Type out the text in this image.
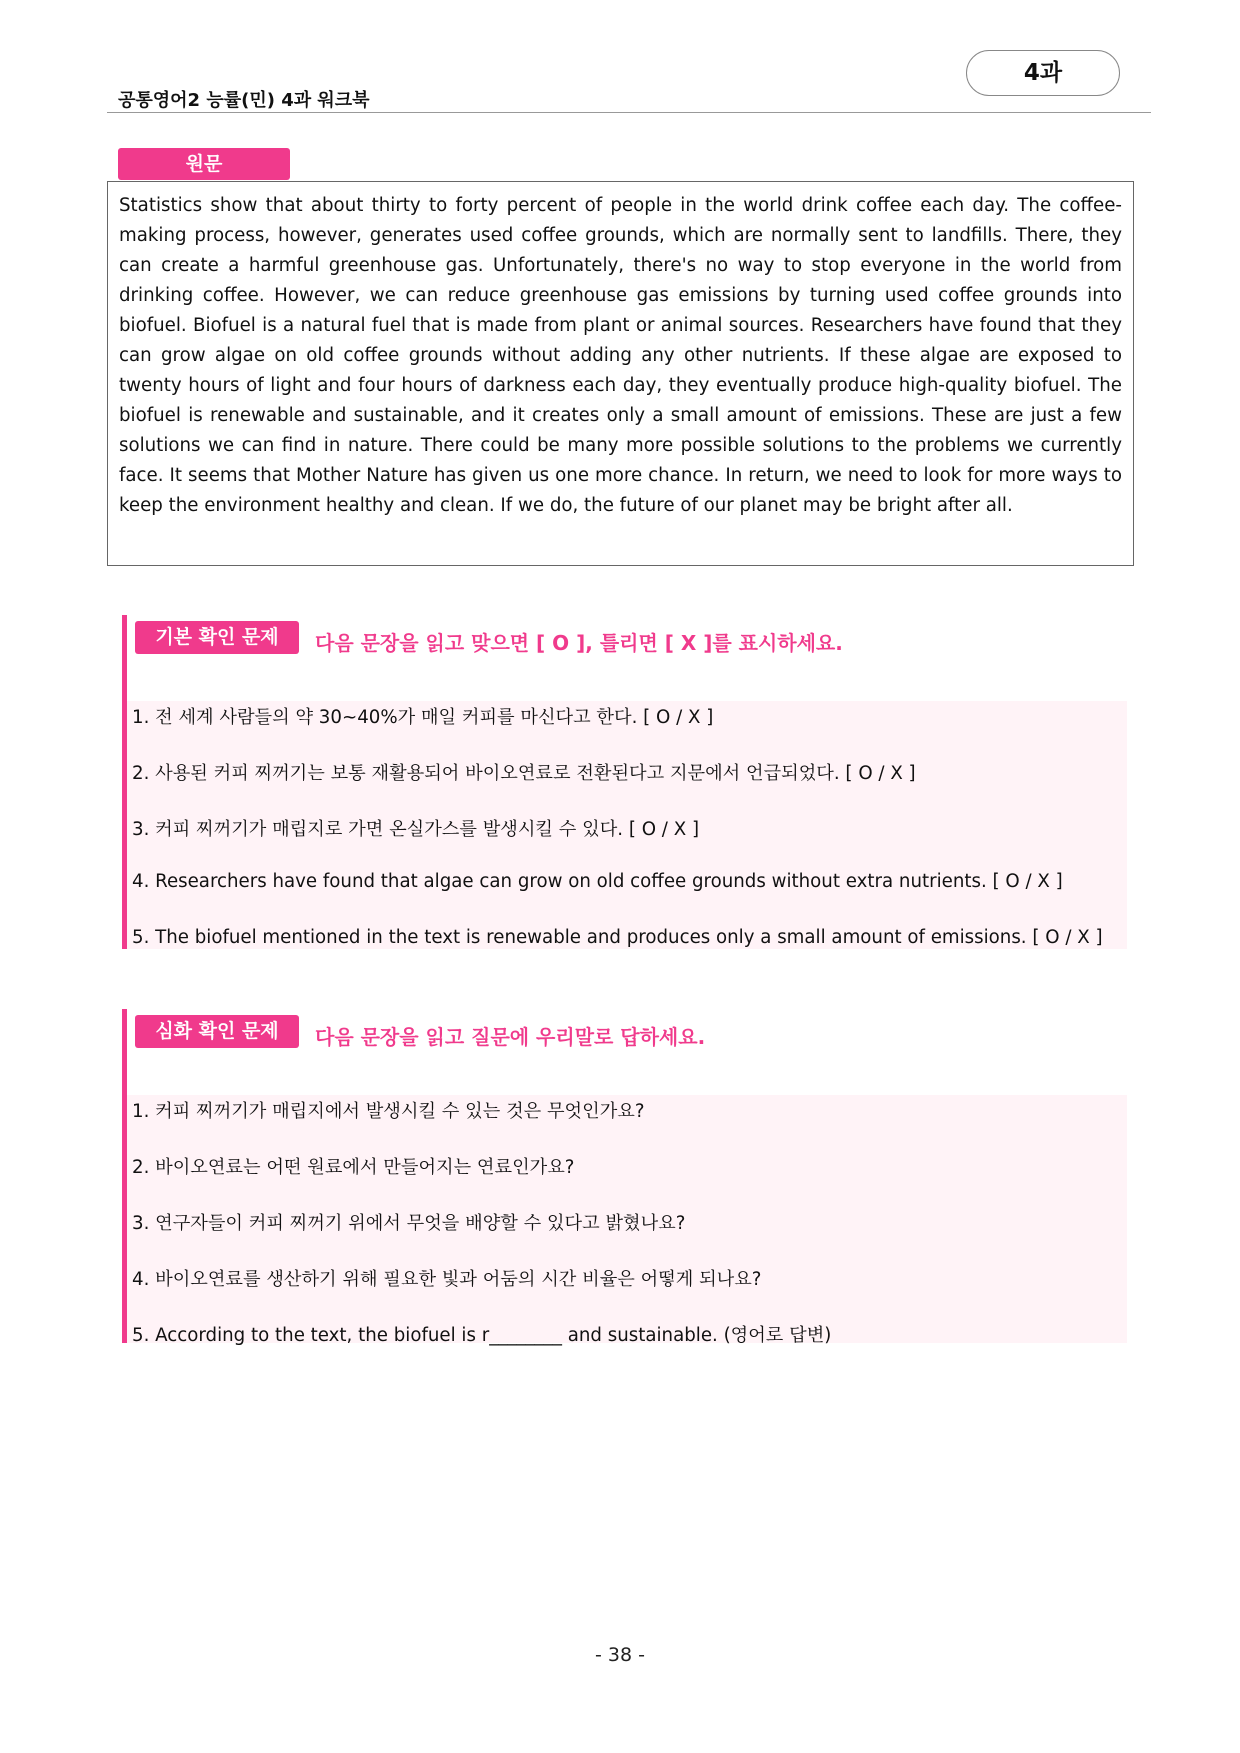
공통영어2 능률(민) 4과 워크북
4과
원문

Statistics show that about thirty to forty percent of people in the world drink coffee each day. The coffee-making process, however, generates used coffee grounds, which are normally sent to landfills. There, they can create a harmful greenhouse gas. Unfortunately, there's no way to stop everyone in the world from drinking coffee. However, we can reduce greenhouse gas emissions by turning used coffee grounds into biofuel. Biofuel is a natural fuel that is made from plant or animal sources. Researchers have found that they can grow algae on old coffee grounds without adding any other nutrients. If these algae are exposed to twenty hours of light and four hours of darkness each day, they eventually produce high-quality biofuel. The biofuel is renewable and sustainable, and it creates only a small amount of emissions. These are just a few solutions we can find in nature. There could be many more possible solutions to the problems we currently face. It seems that Mother Nature has given us one more chance. In return, we need to look for more ways to keep the environment healthy and clean. If we do, the future of our planet may be bright after all.

기본 확인 문제	다음 문장을 읽고 맞으면 [ O ], 틀리면 [ X ]를 표시하세요.
1. 전 세계 사람들의 약 30~40%가 매일 커피를 마신다고 한다. [ O / X ]
2. 사용된 커피 찌꺼기는 보통 재활용되어 바이오연료로 전환된다고 지문에서 언급되었다. [ O / X ]
3. 커피 찌꺼기가 매립지로 가면 온실가스를 발생시킬 수 있다. [ O / X ]
4. Researchers have found that algae can grow on old coffee grounds without extra nutrients. [ O / X ]
5. The biofuel mentioned in the text is renewable and produces only a small amount of emissions. [ O / X ]
심화 확인 문제	다음 문장을 읽고 질문에 우리말로 답하세요.
1. 커피 찌꺼기가 매립지에서 발생시킬 수 있는 것은 무엇인가요?
2. 바이오연료는 어떤 원료에서 만들어지는 연료인가요?
3. 연구자들이 커피 찌꺼기 위에서 무엇을 배양할 수 있다고 밝혔나요?
4. 바이오연료를 생산하기 위해 필요한 빛과 어둠의 시간 비율은 어떻게 되나요?
5. According to the text, the biofuel is r________ and sustainable. (영어로 답변)
- 38 -
